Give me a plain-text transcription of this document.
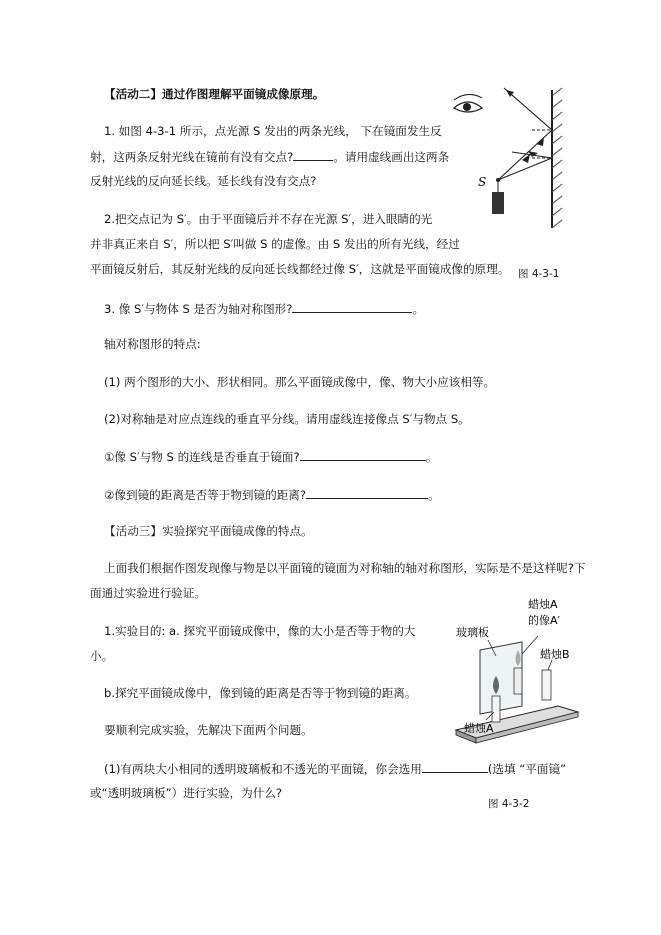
【活动二】通过作图理解平面镜成像原理。
1. 如图 4-3-1 所示，点光源 S 发出的两条光线， 下在镜面发生反
射，这两条反射光线在镜前有没有交点?	。请用虚线画出这两条
反射光线的反向延长线。延长线有没有交点?
2.把交点记为 S′。由于平面镜后并不存在光源 S′，进入眼睛的光
并非真正来自 S′，所以把 S′叫做 S 的虚像。由 S 发出的所有光线，经过
平面镜反射后，其反射光线的反向延长线都经过像 S′，这就是平面镜成像的原理。
S
图 4-3-1
3. 像 S′与物体 S 是否为轴对称图形?	。
轴对称图形的特点:
(1) 两个图形的大小、形状相同。那么平面镜成像中，像、物大小应该相等。
(2)对称轴是对应点连线的垂直平分线。请用虚线连接像点 S′与物点 S。
①像 S′与物 S 的连线是否垂直于镜面?	。
②像到镜的距离是否等于物到镜的距离?	。
【活动三】实验探究平面镜成像的特点。
上面我们根据作图发现像与物是以平面镜的镜面为对称轴的轴对称图形，实际是不是这样呢?下
面通过实验进行验证。
1.实验目的: a. 探究平面镜成像中，像的大小是否等于物的大
小。
b.探究平面镜成像中，像到镜的距离是否等于物到镜的距离。
要顺利完成实验，先解决下面两个问题。
(1)有两块大小相同的透明玻璃板和不透光的平面镜，你会选用	(选填 “平面镜”
或“透明玻璃板”）进行实验，为什么?
玻璃板
蜡烛A
的像A′
蜡烛B
蜡烛A
图 4-3-2
